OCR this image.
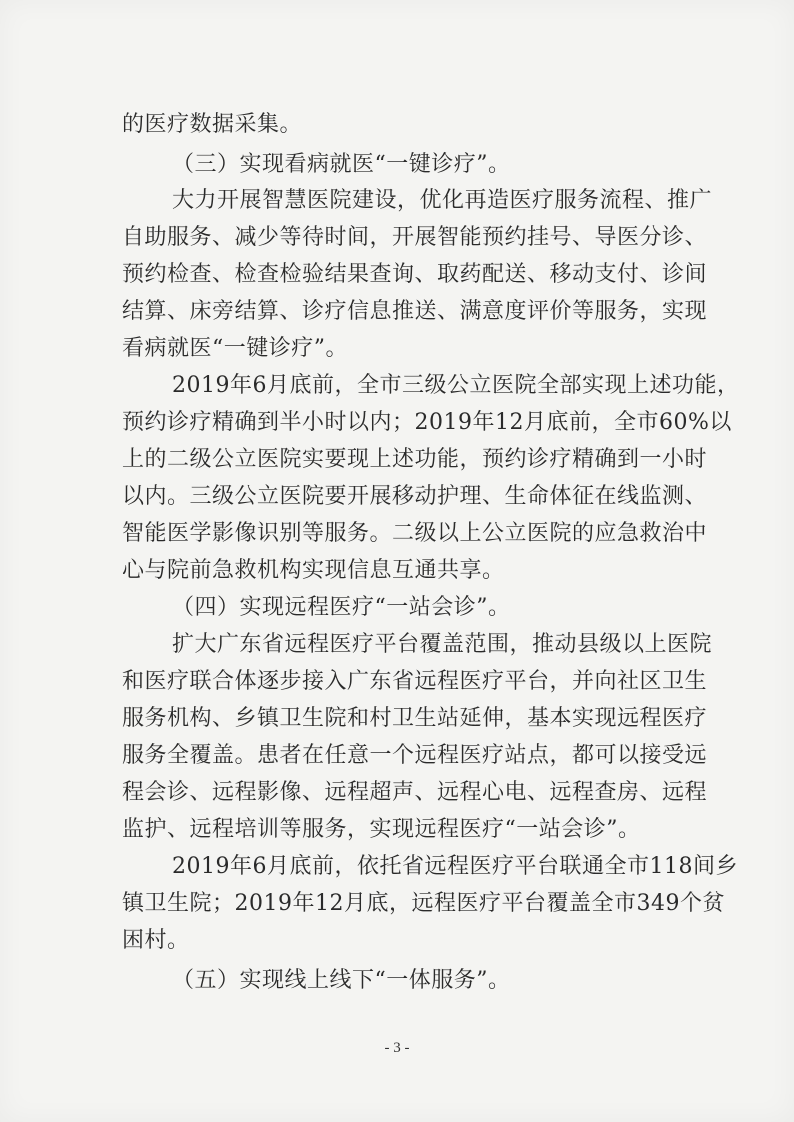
的医疗数据采集。
（三）实现看病就医“一键诊疗”。
大力开展智慧医院建设，优化再造医疗服务流程、推广
自助服务、减少等待时间，开展智能预约挂号、导医分诊、
预约检查、检查检验结果查询、取药配送、移动支付、诊间
结算、床旁结算、诊疗信息推送、满意度评价等服务，实现
看病就医“一键诊疗”。
2019年6月底前，全市三级公立医院全部实现上述功能，
预约诊疗精确到半小时以内；2019年12月底前，全市60%以
上的二级公立医院实要现上述功能，预约诊疗精确到一小时
以内。三级公立医院要开展移动护理、生命体征在线监测、
智能医学影像识别等服务。二级以上公立医院的应急救治中
心与院前急救机构实现信息互通共享。
（四）实现远程医疗“一站会诊”。
扩大广东省远程医疗平台覆盖范围，推动县级以上医院
和医疗联合体逐步接入广东省远程医疗平台，并向社区卫生
服务机构、乡镇卫生院和村卫生站延伸，基本实现远程医疗
服务全覆盖。患者在任意一个远程医疗站点，都可以接受远
程会诊、远程影像、远程超声、远程心电、远程查房、远程
监护、远程培训等服务，实现远程医疗“一站会诊”。
2019年6月底前，依托省远程医疗平台联通全市118间乡
镇卫生院；2019年12月底，远程医疗平台覆盖全市349个贫
困村。
（五）实现线上线下“一体服务”。
- 3 -
